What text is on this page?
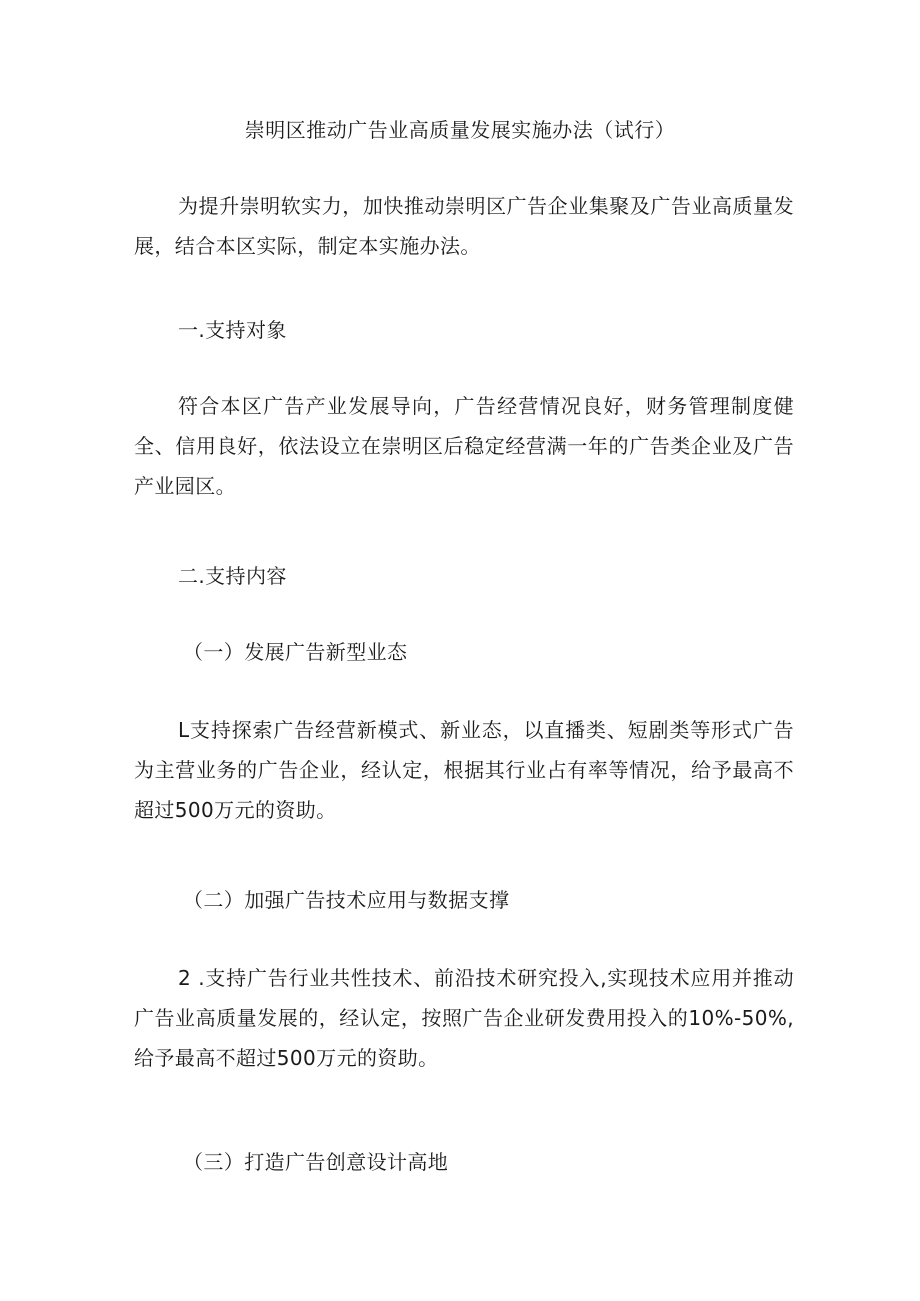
崇明区推动广告业高质量发展实施办法（试行）
为提升崇明软实力，加快推动崇明区广告企业集聚及广告业高质量发展，结合本区实际，制定本实施办法。
一.支持对象
符合本区广告产业发展导向，广告经营情况良好，财务管理制度健全、信用良好，依法设立在崇明区后稳定经营满一年的广告类企业及广告产业园区。
二.支持内容
（一）发展广告新型业态
L支持探索广告经营新模式、新业态，以直播类、短剧类等形式广告为主营业务的广告企业，经认定，根据其行业占有率等情况，给予最高不超过500万元的资助。
（二）加强广告技术应用与数据支撑
2 .支持广告行业共性技术、前沿技术研究投入,实现技术应用并推动广告业高质量发展的，经认定，按照广告企业研发费用投入的10%-50%,给予最高不超过500万元的资助。
（三）打造广告创意设计高地
